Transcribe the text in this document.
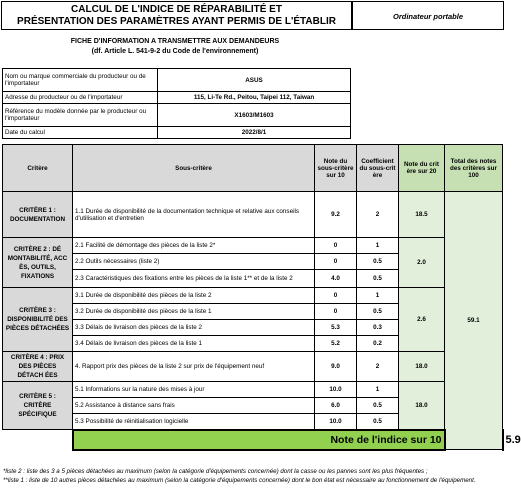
CALCUL DE L'INDICE DE RÉPARABILITÉ ET
PRÉSENTATION DES PARAMÈTRES AYANT PERMIS DE L'ÉTABLIR	Ordinateur portable
FICHE D'INFORMATION A TRANSMETTRE AUX DEMANDEURS
(df. Article L. 541-9-2 du Code de l'environnement)
Nom ou marque commerciale du producteur ou de l'importateur	ASUS
Adresse du producteur ou de l'importateur	115, Li-Te Rd., Peitou, Taipei 112, Taiwan
Référence du modèle donnée par le producteur ou l'importateur	X1603/M1603
Date du calcul	2022/8/1
Critère	Sous-critère	Note du sous-critère sur 10	Coefficient du sous-crit ère	Note du crit ère sur 20	Total des notes des critères sur 100	
CRITÈRE 1 : DOCUMENTATION	1.1 Durée de disponibilité de la documentation technique et relative aux conseils d'utilisation et d'entretien	9.2	2	18.5	59.1	
CRITÈRE 2 : DÉ MONTABILITÉ, ACC ÈS, OUTILS, FIXATIONS	2.1 Facilité de démontage des pièces de la liste 2*	0	1	2.0		
	2.2 Outils nécessaires (liste 2)	0	0.5			
	2.3 Caractéristiques des fixations entre les pièces de la liste 1** et de la liste 2	4.0	0.5			
CRITÈRE 3 : DISPONIBILITÉ DES PIÈCES DÉTACHÉES	3.1 Durée de disponibilité des pièces de la liste 2	0	1	2.6		
	3.2 Durée de disponibilité des pièces de la liste 1	0	0.5			
	3.3 Délais de livraison des pièces de la liste 2	5.3	0.3			
	3.4 Délais de livraison des pièces de la liste 1	5.2	0.2			
CRITÈRE 4 : PRIX DES PIÈCES DÉTACH ÉES	4. Rapport prix des pièces de la liste 2 sur prix de l'équipement neuf	9.0	2	18.0		
CRITÈRE 5 : CRITÈRE SPÉCIFIQUE	5.1 Informations sur la nature des mises à jour	10.0	1	18.0		
	5.2 Assistance à distance sans frais	6.0	0.5			
	5.3 Possibilité de réinitialisation logicielle	10.0	0.5			
	Note de l'indice sur 10					5.9
*liste 2 : liste des 3 a 5 pièces détachées au maximum (selon la catégorie d'équipements concernée) dont la casse ou les pannes sont les plus fréquentes ;
**liste 1 : liste de 10 autres pièces détachées au maximum (selon la catégorie d'équipements concernée) dont le bon état est nécessaire au fonctionnement de l'équipement.
